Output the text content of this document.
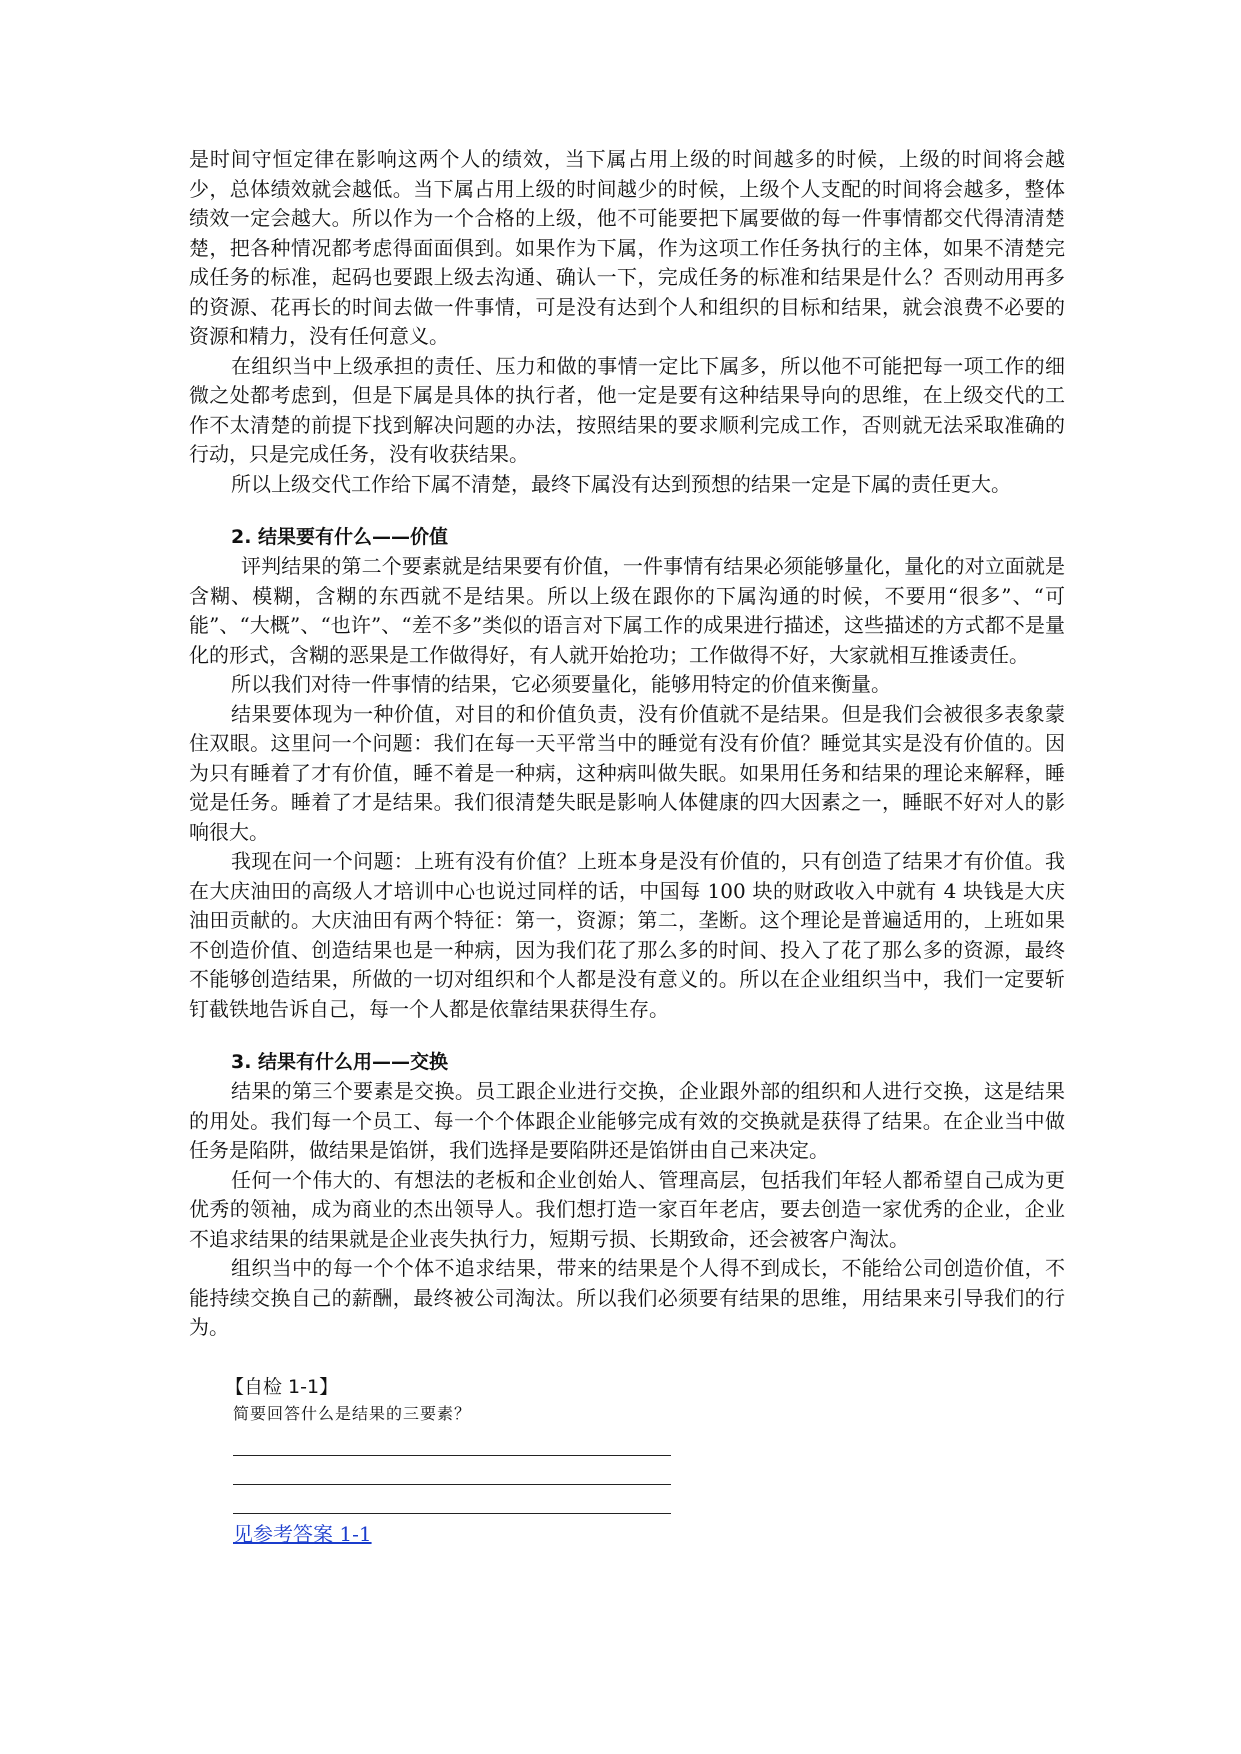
是时间守恒定律在影响这两个人的绩效，当下属占用上级的时间越多的时候，上级的时间将会越少，总体绩效就会越低。当下属占用上级的时间越少的时候，上级个人支配的时间将会越多，整体绩效一定会越大。所以作为一个合格的上级，他不可能要把下属要做的每一件事情都交代得清清楚楚，把各种情况都考虑得面面俱到。如果作为下属，作为这项工作任务执行的主体，如果不清楚完成任务的标准，起码也要跟上级去沟通、确认一下，完成任务的标准和结果是什么？否则动用再多的资源、花再长的时间去做一件事情，可是没有达到个人和组织的目标和结果，就会浪费不必要的资源和精力，没有任何意义。

在组织当中上级承担的责任、压力和做的事情一定比下属多，所以他不可能把每一项工作的细微之处都考虑到，但是下属是具体的执行者，他一定是要有这种结果导向的思维，在上级交代的工作不太清楚的前提下找到解决问题的办法，按照结果的要求顺利完成工作，否则就无法采取准确的行动，只是完成任务，没有收获结果。

所以上级交代工作给下属不清楚，最终下属没有达到预想的结果一定是下属的责任更大。

2. 结果要有什么——价值

评判结果的第二个要素就是结果要有价值，一件事情有结果必须能够量化，量化的对立面就是含糊、模糊，含糊的东西就不是结果。所以上级在跟你的下属沟通的时候，不要用“很多”、“可能”、“大概”、“也许”、“差不多”类似的语言对下属工作的成果进行描述，这些描述的方式都不是量化的形式，含糊的恶果是工作做得好，有人就开始抢功；工作做得不好，大家就相互推诿责任。

所以我们对待一件事情的结果，它必须要量化，能够用特定的价值来衡量。

结果要体现为一种价值，对目的和价值负责，没有价值就不是结果。但是我们会被很多表象蒙住双眼。这里问一个问题：我们在每一天平常当中的睡觉有没有价值？睡觉其实是没有价值的。因为只有睡着了才有价值，睡不着是一种病，这种病叫做失眠。如果用任务和结果的理论来解释，睡觉是任务。睡着了才是结果。我们很清楚失眠是影响人体健康的四大因素之一，睡眠不好对人的影响很大。

我现在问一个问题：上班有没有价值？上班本身是没有价值的，只有创造了结果才有价值。我在大庆油田的高级人才培训中心也说过同样的话，中国每 100 块的财政收入中就有 4 块钱是大庆油田贡献的。大庆油田有两个特征：第一，资源；第二，垄断。这个理论是普遍适用的，上班如果不创造价值、创造结果也是一种病，因为我们花了那么多的时间、投入了花了那么多的资源，最终不能够创造结果，所做的一切对组织和个人都是没有意义的。所以在企业组织当中，我们一定要斩钉截铁地告诉自己，每一个人都是依靠结果获得生存。

3. 结果有什么用——交换

结果的第三个要素是交换。员工跟企业进行交换，企业跟外部的组织和人进行交换，这是结果的用处。我们每一个员工、每一个个体跟企业能够完成有效的交换就是获得了结果。在企业当中做任务是陷阱，做结果是馅饼，我们选择是要陷阱还是馅饼由自己来决定。

任何一个伟大的、有想法的老板和企业创始人、管理高层，包括我们年轻人都希望自己成为更优秀的领袖，成为商业的杰出领导人。我们想打造一家百年老店，要去创造一家优秀的企业，企业不追求结果的结果就是企业丧失执行力，短期亏损、长期致命，还会被客户淘汰。

组织当中的每一个个体不追求结果，带来的结果是个人得不到成长，不能给公司创造价值，不能持续交换自己的薪酬，最终被公司淘汰。所以我们必须要有结果的思维，用结果来引导我们的行为。

【自检 1-1】
简要回答什么是结果的三要素？
见参考答案 1-1
